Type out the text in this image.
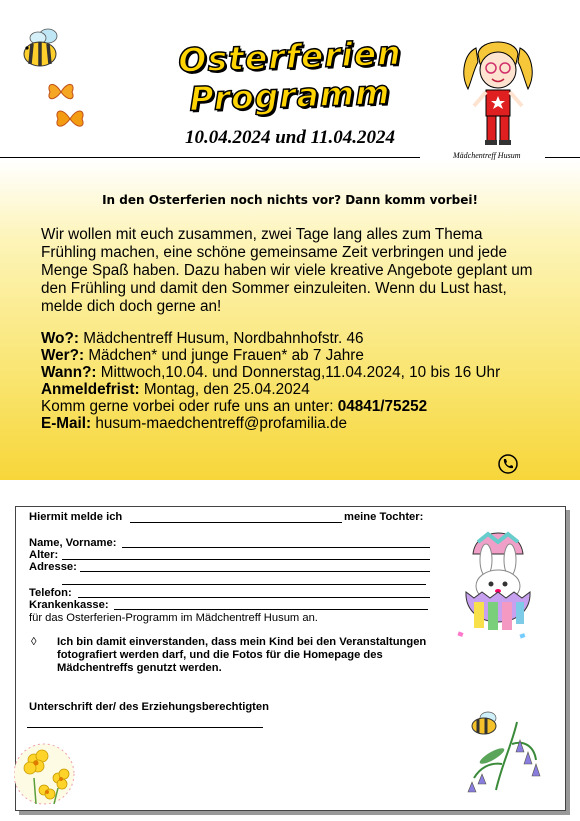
Osterferien
Programm
10.04.2024 und 11.04.2024
Mädchentreff Husum
In den Osterferien noch nichts vor? Dann komm vorbei!
Wir wollen mit euch zusammen, zwei Tage lang alles zum Thema Frühling machen, eine schöne gemeinsame Zeit verbringen und jede Menge Spaß haben. Dazu haben wir viele kreative Angebote geplant um den Frühling und damit den Sommer einzuleiten. Wenn du Lust hast, melde dich doch gerne an!
Wo?: Mädchentreff Husum, Nordbahnhofstr. 46
Wer?: Mädchen* und junge Frauen* ab 7 Jahre
Wann?: Mittwoch,10.04. und Donnerstag,11.04.2024, 10 bis 16 Uhr
Anmeldefrist: Montag, den 25.04.2024
Komm gerne vorbei oder rufe uns an unter: 04841/75252
E-Mail: husum-maedchentreff@profamilia.de
Hiermit melde ich	meine Tochter:
Name, Vorname:
Alter:
Adresse:
Telefon:
Krankenkasse:
für das Osterferien-Programm im Mädchentreff Husum an.
◊ Ich bin damit einverstanden, dass mein Kind bei den Veranstaltungen fotografiert werden darf, und die Fotos für die Homepage des Mädchentreffs genutzt werden.
Unterschrift der/ des Erziehungsberechtigten
